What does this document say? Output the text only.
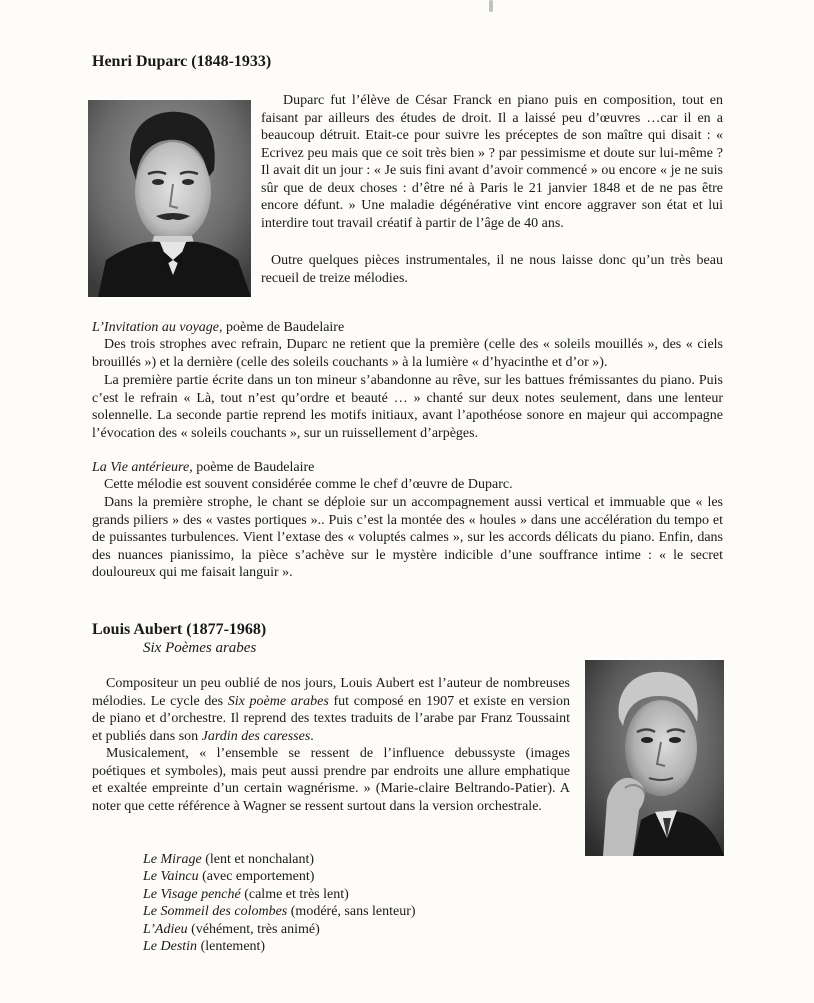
Henri Duparc (1848-1933)
Duparc fut l’élève de César Franck en piano puis en composition, tout en faisant par ailleurs des études de droit. Il a laissé peu d’œuvres …car il en a beaucoup détruit. Etait-ce pour suivre les préceptes de son maître qui disait : « Ecrivez peu mais que ce soit très bien » ? par pessimisme et doute sur lui-même ? Il avait dit un jour : « Je suis fini avant d’avoir commencé » ou encore « je ne suis sûr que de deux choses : d’être né à Paris le 21 janvier 1848 et de ne pas être encore défunt. » Une maladie dégénérative vint encore aggraver son état et lui interdire tout travail créatif à partir de l’âge de 40 ans.
Outre quelques pièces instrumentales, il ne nous laisse donc qu’un très beau recueil de treize mélodies.
L’Invitation au voyage, poème de Baudelaire
Des trois strophes avec refrain, Duparc ne retient que la première (celle des « soleils mouillés », des « ciels brouillés ») et la dernière (celle des soleils couchants » à la lumière « d’hyacinthe et d’or »).
La première partie écrite dans un ton mineur s’abandonne au rêve, sur les battues frémissantes du piano. Puis c’est le refrain « Là, tout n’est qu’ordre et beauté … » chanté sur deux notes seulement, dans une lenteur solennelle. La seconde partie reprend les motifs initiaux, avant l’apothéose sonore en majeur qui accompagne l’évocation des « soleils couchants », sur un ruissellement d’arpèges.
La Vie antérieure, poème de Baudelaire
Cette mélodie est souvent considérée comme le chef d’œuvre de Duparc.
Dans la première strophe, le chant se déploie sur un accompagnement aussi vertical et immuable que « les grands piliers » des « vastes portiques ».. Puis c’est la montée des « houles » dans une accélération du tempo et de puissantes turbulences. Vient l’extase des « voluptés calmes », sur les accords délicats du piano. Enfin, dans des nuances pianissimo, la pièce s’achève sur le mystère indicible d’une souffrance intime : « le secret douloureux qui me faisait languir ».
Louis Aubert (1877-1968)
Six Poèmes arabes
Compositeur un peu oublié de nos jours, Louis Aubert est l’auteur de nombreuses mélodies. Le cycle des Six poème arabes fut composé en 1907 et existe en version de piano et d’orchestre. Il reprend des textes traduits de l’arabe par Franz Toussaint et publiés dans son Jardin des caresses.
Musicalement, « l’ensemble se ressent de l’influence debussyste (images poétiques et symboles), mais peut aussi prendre par endroits une allure emphatique et exaltée empreinte d’un certain wagnérisme. » (Marie-claire Beltrando-Patier). A noter que cette référence à Wagner se ressent surtout dans la version orchestrale.
Le Mirage (lent et nonchalant)
Le Vaincu (avec emportement)
Le Visage penché (calme et très lent)
Le Sommeil des colombes (modéré, sans lenteur)
L’Adieu (véhément, très animé)
Le Destin (lentement)
